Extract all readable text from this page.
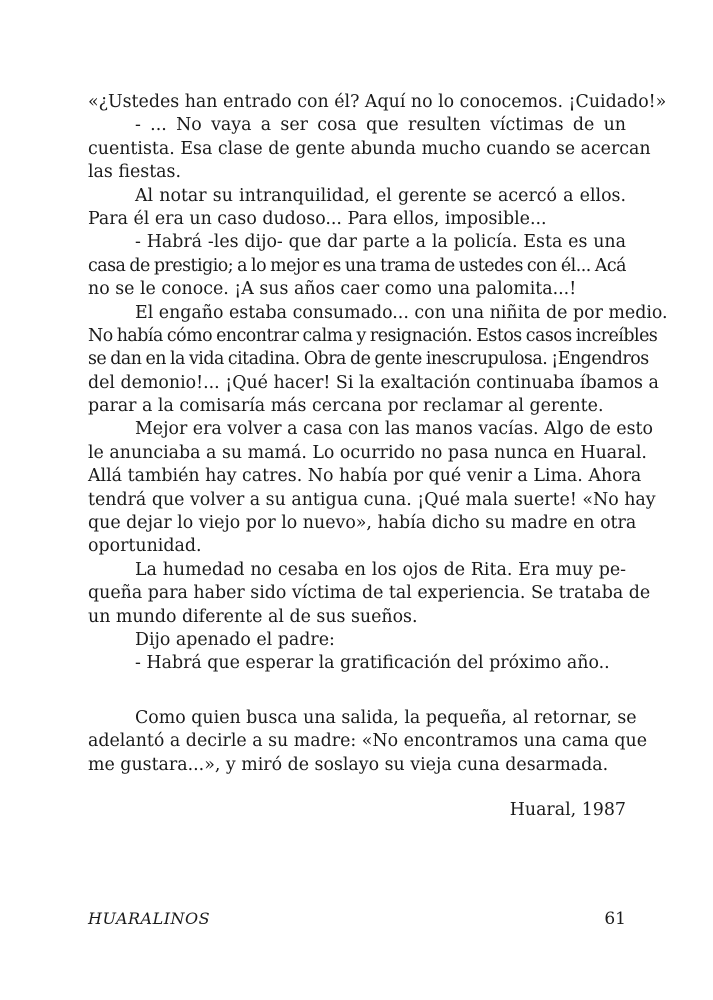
«¿Ustedes han entrado con él? Aquí no lo conocemos. ¡Cuidado!»
- ... No vaya a ser cosa que resulten víctimas de un
cuentista. Esa clase de gente abunda mucho cuando se acercan
las fiestas.
Al notar su intranquilidad, el gerente se acercó a ellos.
Para él era un caso dudoso... Para ellos, imposible...
- Habrá -les dijo- que dar parte a la policía. Esta es una
casa de prestigio; a lo mejor es una trama de ustedes con él... Acá
no se le conoce. ¡A sus años caer como una palomita...!
El engaño estaba consumado... con una niñita de por medio.
No había cómo encontrar calma y resignación. Estos casos increíbles
se dan en la vida citadina. Obra de gente inescrupulosa. ¡Engendros
del demonio!... ¡Qué hacer! Si la exaltación continuaba íbamos a
parar a la comisaría más cercana por reclamar al gerente.
Mejor era volver a casa con las manos vacías. Algo de esto
le anunciaba a su mamá. Lo ocurrido no pasa nunca en Huaral.
Allá también hay catres. No había por qué venir a Lima. Ahora
tendrá que volver a su antigua cuna. ¡Qué mala suerte! «No hay
que dejar lo viejo por lo nuevo», había dicho su madre en otra
oportunidad.
La humedad no cesaba en los ojos de Rita. Era muy pe-
queña para haber sido víctima de tal experiencia. Se trataba de
un mundo diferente al de sus sueños.
Dijo apenado el padre:
- Habrá que esperar la gratificación del próximo año..
Como quien busca una salida, la pequeña, al retornar, se
adelantó a decirle a su madre: «No encontramos una cama que
me gustara...», y miró de soslayo su vieja cuna desarmada.
Huaral, 1987
HUARALINOS	61
